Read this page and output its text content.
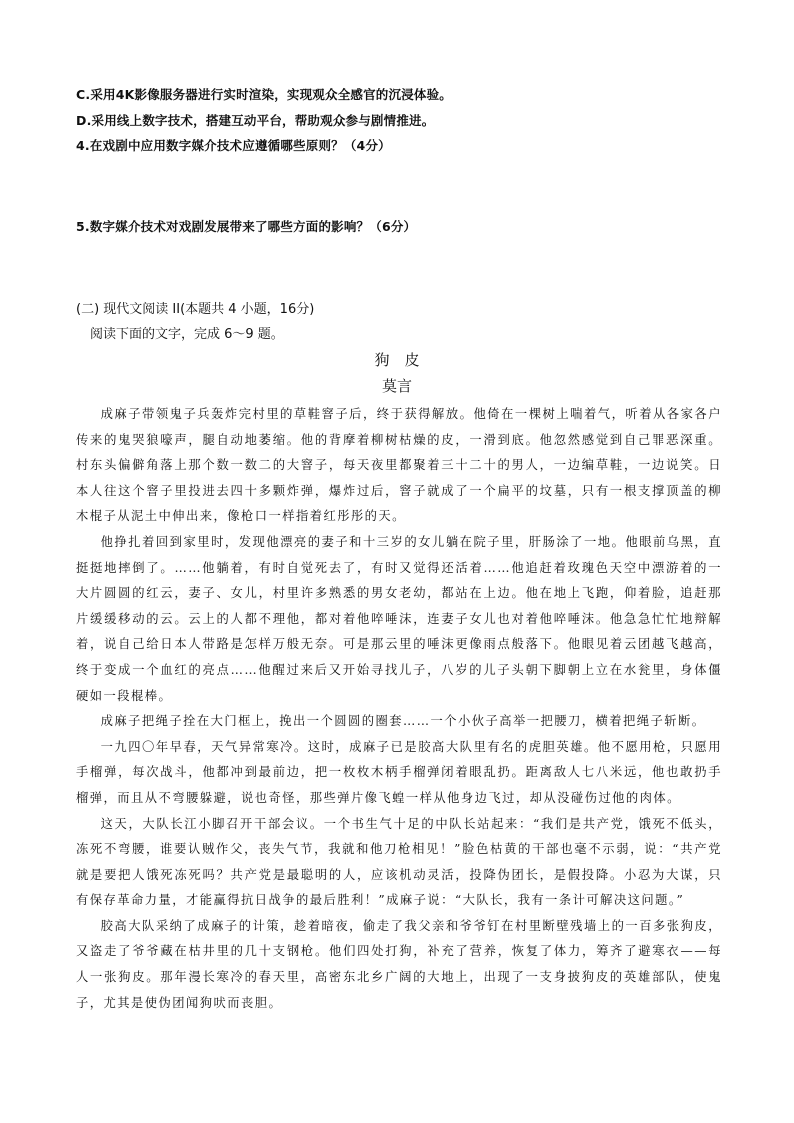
C.采用4K影像服务器进行实时渲染，实现观众全感官的沉浸体验。
D.采用线上数字技术，搭建互动平台，帮助观众参与剧情推进。
4.在戏剧中应用数字媒介技术应遵循哪些原则？（4分）
5.数字媒介技术对戏剧发展带来了哪些方面的影响？（6分）
(二) 现代文阅读 II(本题共 4 小题，16分)
阅读下面的文字，完成 6～9 题。
狗　皮
莫言

成麻子带领鬼子兵轰炸完村里的草鞋窨子后，终于获得解放。他倚在一棵树上喘着气，听着从各家各户传来的鬼哭狼嚎声，腿自动地萎缩。他的背摩着柳树枯燥的皮，一滑到底。他忽然感觉到自己罪恶深重。村东头偏僻角落上那个数一数二的大窨子，每天夜里都聚着三十二十的男人，一边编草鞋，一边说笑。日本人往这个窨子里投进去四十多颗炸弹，爆炸过后，窨子就成了一个扁平的坟墓，只有一根支撑顶盖的柳木棍子从泥土中伸出来，像枪口一样指着红彤彤的天。

他挣扎着回到家里时，发现他漂亮的妻子和十三岁的女儿躺在院子里，肝肠涂了一地。他眼前乌黑，直挺挺地摔倒了。……他躺着，有时自觉死去了，有时又觉得还活着……他追赶着玫瑰色天空中漂游着的一大片圆圆的红云，妻子、女儿，村里许多熟悉的男女老幼，都站在上边。他在地上飞跑，仰着脸，追赶那片缓缓移动的云。云上的人都不理他，都对着他啐唾沫，连妻子女儿也对着他啐唾沫。他急急忙忙地辩解着，说自己给日本人带路是怎样万般无奈。可是那云里的唾沫更像雨点般落下。他眼见着云团越飞越高，终于变成一个血红的亮点……他醒过来后又开始寻找儿子，八岁的儿子头朝下脚朝上立在水瓮里，身体僵硬如一段棍棒。

成麻子把绳子拴在大门框上，挽出一个圆圆的圈套……一个小伙子高举一把腰刀，横着把绳子斩断。

一九四〇年早春，天气异常寒冷。这时，成麻子已是胶高大队里有名的虎胆英雄。他不愿用枪，只愿用手榴弹，每次战斗，他都冲到最前边，把一枚枚木柄手榴弹闭着眼乱扔。距离敌人七八米远，他也敢扔手榴弹，而且从不弯腰躲避，说也奇怪，那些弹片像飞蝗一样从他身边飞过，却从没碰伤过他的肉体。

这天，大队长江小脚召开干部会议。一个书生气十足的中队长站起来：“我们是共产党，饿死不低头，冻死不弯腰，谁要认贼作父，丧失气节，我就和他刀枪相见！”脸色枯黄的干部也毫不示弱，说：“共产党就是要把人饿死冻死吗？共产党是最聪明的人，应该机动灵活，投降伪团长，是假投降。小忍为大谋，只有保存革命力量，才能赢得抗日战争的最后胜利！”成麻子说：“大队长，我有一条计可解决这问题。”

胶高大队采纳了成麻子的计策，趁着暗夜，偷走了我父亲和爷爷钉在村里断壁残墙上的一百多张狗皮，又盗走了爷爷藏在枯井里的几十支钢枪。他们四处打狗，补充了营养，恢复了体力，筹齐了避寒衣——每人一张狗皮。那年漫长寒冷的春天里，高密东北乡广阔的大地上，出现了一支身披狗皮的英雄部队，使鬼子，尤其是使伪团闻狗吠而丧胆。
